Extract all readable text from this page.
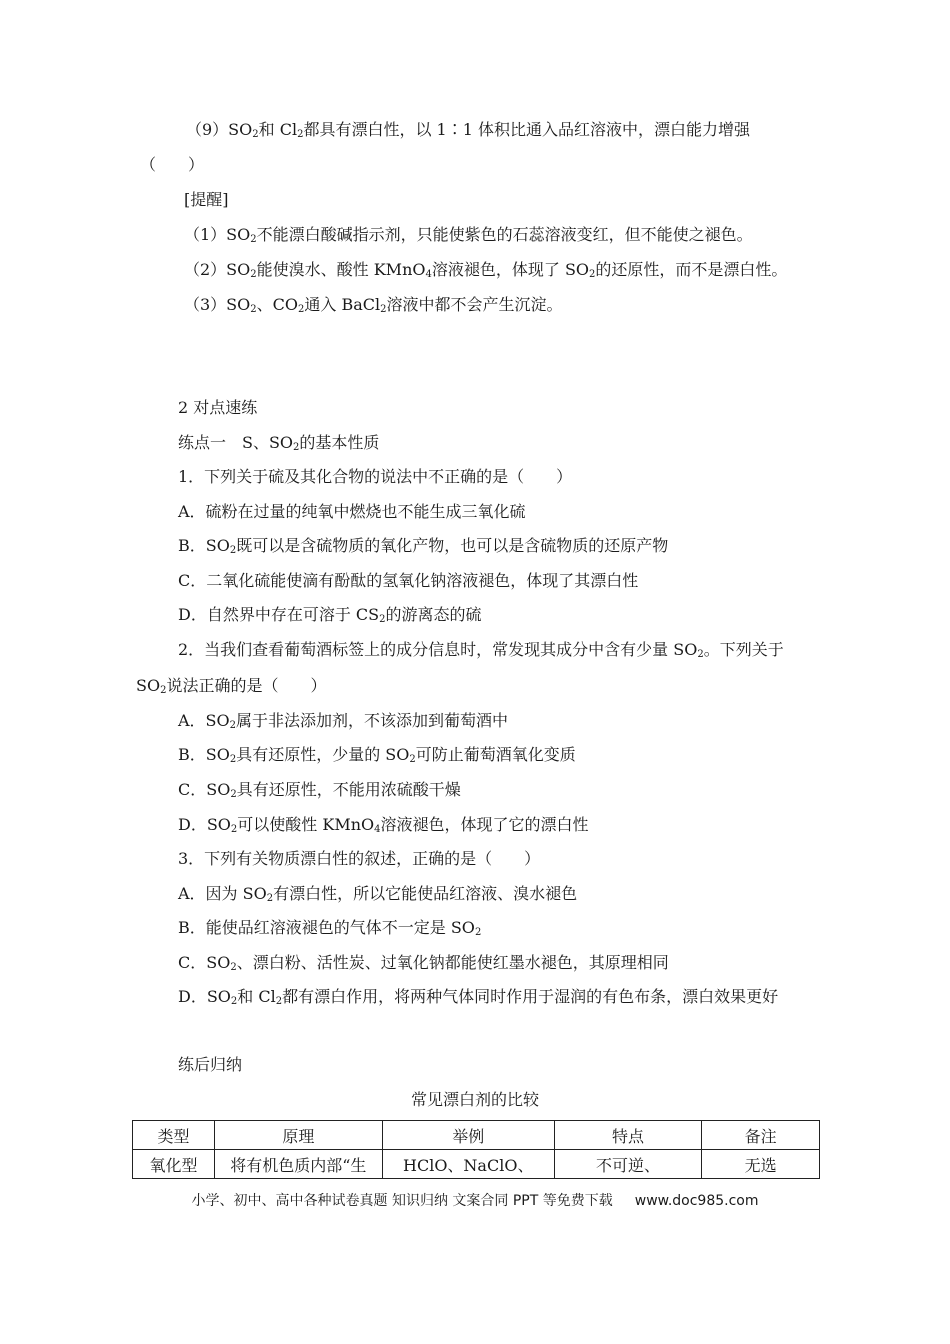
$(9)SO_2$和 $Cl_2$都具有漂白性，以 1∶1 体积比通入品红溶液中，漂白能力增强
（　　）
[提醒]
$(1)SO_2$不能漂白酸碱指示剂，只能使紫色的石蕊溶液变红，但不能使之褪色。
$(2)SO_2$能使溴水、酸性 KMnO$_4$溶液褪色，体现了 $SO_2$的还原性，而不是漂白性。
$(3)SO_2$、$CO_2$通入 BaCl$_2$溶液中都不会产生沉淀。
2 对点速练
练点一　S、$SO_2$的基本性质
1．下列关于硫及其化合物的说法中不正确的是（　　）
A．硫粉在过量的纯氧中燃烧也不能生成三氧化硫
B．$SO_2$既可以是含硫物质的氧化产物，也可以是含硫物质的还原产物
C．二氧化硫能使滴有酚酞的氢氧化钠溶液褪色，体现了其漂白性
D．自然界中存在可溶于 $CS_2$的游离态的硫
2．当我们查看葡萄酒标签上的成分信息时，常发现其成分中含有少量 $SO_2$。下列关于
$SO_2$说法正确的是（　　）
A．$SO_2$属于非法添加剂，不该添加到葡萄酒中
B．$SO_2$具有还原性，少量的 $SO_2$可防止葡萄酒氧化变质
C．$SO_2$具有还原性，不能用浓硫酸干燥
D．$SO_2$可以使酸性 KMnO$_4$溶液褪色，体现了它的漂白性
3．下列有关物质漂白性的叙述，正确的是（　　）
A．因为 $SO_2$有漂白性，所以它能使品红溶液、溴水褪色
B．能使品红溶液褪色的气体不一定是 $SO_2$
C．$SO_2$、漂白粉、活性炭、过氧化钠都能使红墨水褪色，其原理相同
D．$SO_2$和 $Cl_2$都有漂白作用，将两种气体同时作用于湿润的有色布条，漂白效果更好
练后归纳
常见漂白剂的比较
类型	原理	举例	特点	备注
氧化型	将有机色质内部“生	HClO、NaClO、	不可逆、	无选
小学、初中、高中各种试卷真题 知识归纳 文案合同 PPT 等免费下载 www.doc985.com
